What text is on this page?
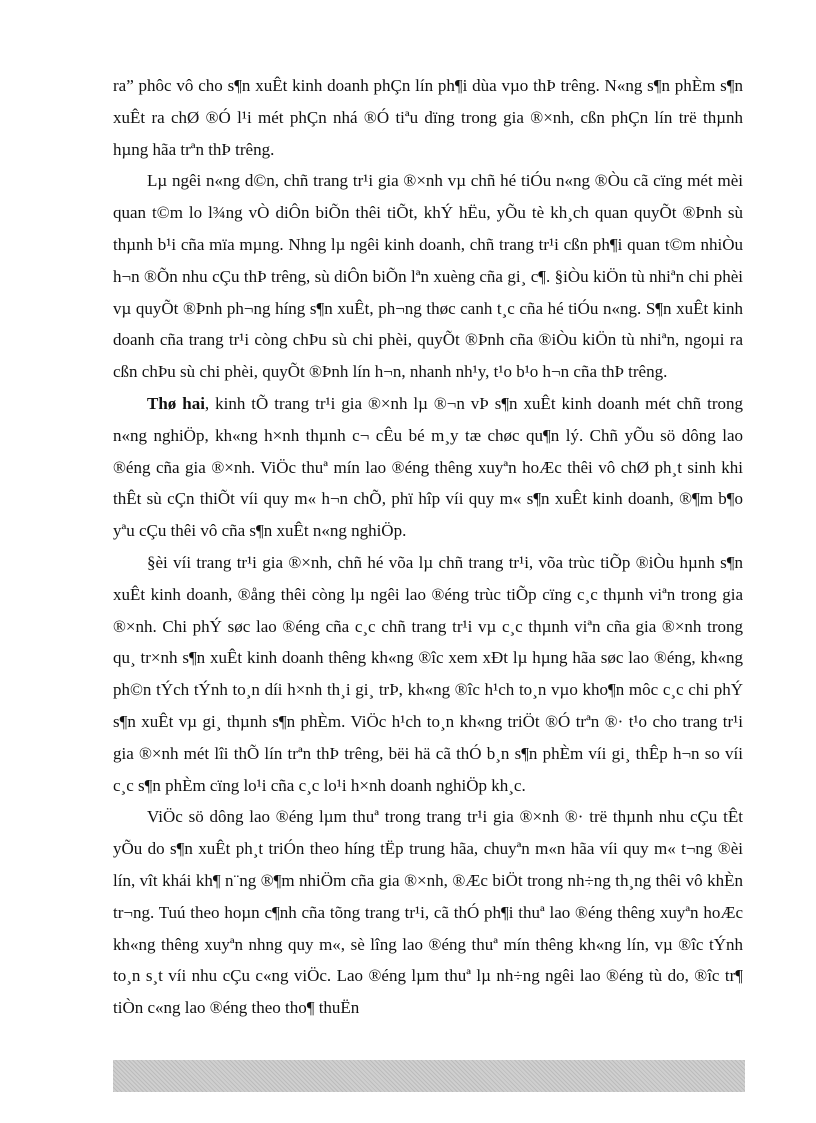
ra” phôc vô cho s¶n xuÊt kinh doanh phÇn lín ph¶i dùa vµo thÞ trêng. N«ng s¶n phÈm s¶n xuÊt ra chØ ®Ó l¹i mét phÇn nhá ®Ó tiªu dïng trong gia ®×nh, cßn phÇn lín trë thµnh hµng hãa trªn thÞ trêng.

Lµ ngêi n«ng d©n, chñ trang tr¹i gia ®×nh vµ chñ hé tiÓu n«ng ®Òu cã cïng mét mèi quan t©m lo l¾ng vÒ diÔn biÕn thêi tiÕt, khÝ hËu, yÕu tè kh¸ch quan quyÕt ®Þnh sù thµnh b¹i cña mïa mµng. Nhng lµ ngêi kinh doanh, chñ trang tr¹i cßn ph¶i quan t©m nhiÒu h¬n ®Õn nhu cÇu thÞ trêng, sù diÔn biÕn lªn xuèng cña gi¸ c¶. §iÒu kiÖn tù nhiªn chi phèi vµ quyÕt ®Þnh ph¬ng híng s¶n xuÊt, ph¬ng thøc canh t¸c cña hé tiÓu n«ng. S¶n xuÊt kinh doanh cña trang tr¹i còng chÞu sù chi phèi, quyÕt ®Þnh cña ®iÒu kiÖn tù nhiªn, ngoµi ra cßn chÞu sù chi phèi, quyÕt ®Þnh lín h¬n, nhanh nh¹y, t¹o b¹o h¬n cña thÞ trêng.

Thø hai, kinh tÕ trang tr¹i gia ®×nh lµ ®¬n vÞ s¶n xuÊt kinh doanh mét chñ trong n«ng nghiÖp, kh«ng h×nh thµnh c¬ cÊu bé m¸y tæ chøc qu¶n lý. Chñ yÕu sö dông lao ®éng cña gia ®×nh. ViÖc thuª mín lao ®éng thêng xuyªn hoÆc thêi vô chØ ph¸t sinh khi thÊt sù cÇn thiÕt víi quy m« h¬n chÕ, phï hîp víi quy m« s¶n xuÊt kinh doanh, ®¶m b¶o yªu cÇu thêi vô cña s¶n xuÊt n«ng nghiÖp.

§èi víi trang tr¹i gia ®×nh, chñ hé võa lµ chñ trang tr¹i, võa trùc tiÕp ®iÒu hµnh s¶n xuÊt kinh doanh, ®ång thêi còng lµ ngêi lao ®éng trùc tiÕp cïng c¸c thµnh viªn trong gia ®×nh. Chi phÝ søc lao ®éng cña c¸c chñ trang tr¹i vµ c¸c thµnh viªn cña gia ®×nh trong qu¸ tr×nh s¶n xuÊt kinh doanh thêng kh«ng ®îc xem xÐt lµ hµng hãa søc lao ®éng, kh«ng ph©n tÝch tÝnh to¸n díi h×nh th¸i gi¸ trÞ, kh«ng ®îc h¹ch to¸n vµo kho¶n môc c¸c chi phÝ s¶n xuÊt vµ gi¸ thµnh s¶n phÈm. ViÖc h¹ch to¸n kh«ng triÖt ®Ó trªn ®· t¹o cho trang tr¹i gia ®×nh mét lîi thÕ lín trªn thÞ trêng, bëi hä cã thÓ b¸n s¶n phÈm víi gi¸ thÊp h¬n so víi c¸c s¶n phÈm cïng lo¹i cña c¸c lo¹i h×nh doanh nghiÖp kh¸c.

ViÖc sö dông lao ®éng lµm thuª trong trang tr¹i gia ®×nh ®· trë thµnh nhu cÇu tÊt yÕu do s¶n xuÊt ph¸t triÓn theo híng tËp trung hãa, chuyªn m«n hãa víi quy m« t¬ng ®èi lín, vît khái kh¶ n¨ng ®¶m nhiÖm cña gia ®×nh, ®Æc biÖt trong nh÷ng th¸ng thêi vô khÈn tr¬ng. Tuú theo hoµn c¶nh cña tõng trang tr¹i, cã thÓ ph¶i thuª lao ®éng thêng xuyªn hoÆc kh«ng thêng xuyªn nhng quy m«, sè lîng lao ®éng thuª mín thêng kh«ng lín, vµ ®îc tÝnh to¸n s¸t víi nhu cÇu c«ng viÖc. Lao ®éng lµm thuª lµ nh÷ng ngêi lao ®éng tù do, ®îc tr¶ tiÒn c«ng lao ®éng theo tho¶ thuËn
